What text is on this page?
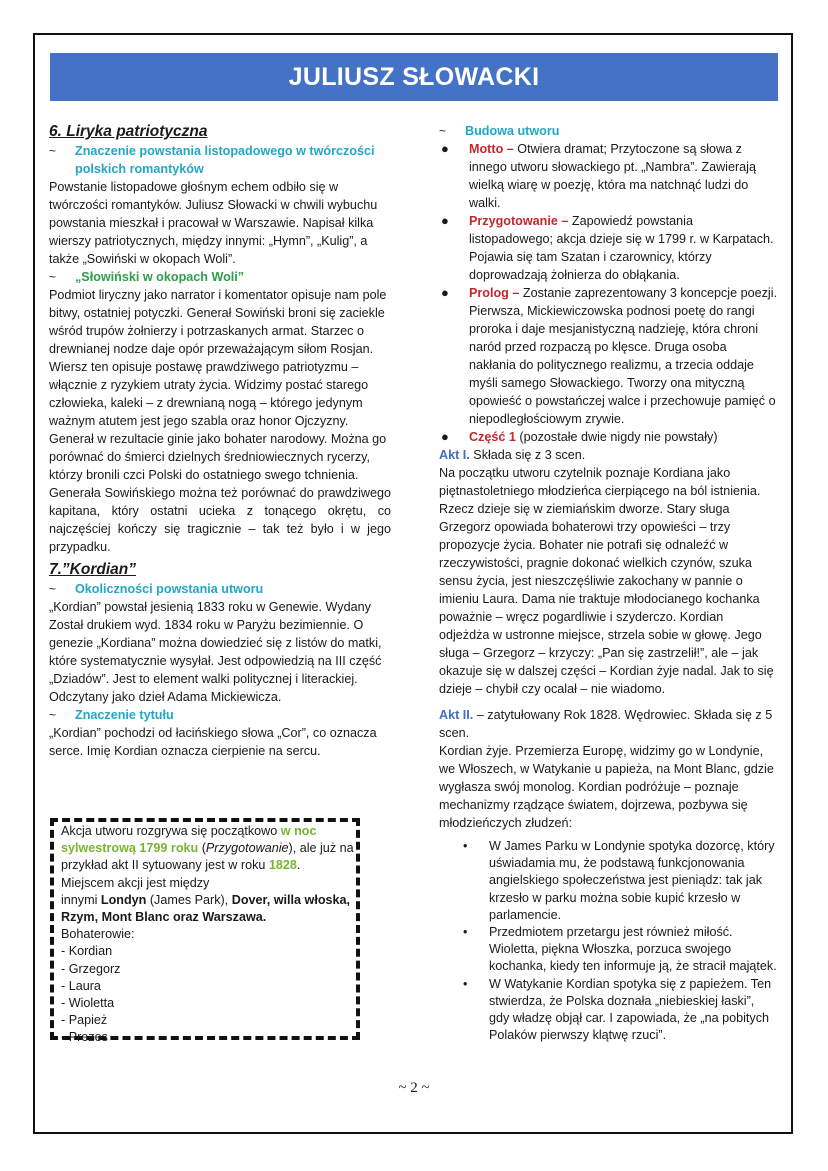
JULIUSZ SŁOWACKI

6. Liryka patriotyczna

~	Znaczenie powstania listopadowego w twórczości polskich romantyków

Powstanie listopadowe głośnym echem odbiło się w twórczości romantyków. Juliusz Słowacki w chwili wybuchu powstania mieszkał i pracował w Warszawie. Napisał kilka wierszy patriotycznych, między innymi: „Hymn”, „Kulig”, a także „Sowiński w okopach Woli”.

~	„Słowiński w okopach Woli”

Podmiot liryczny jako narrator i komentator opisuje nam pole bitwy, ostatniej potyczki. Generał Sowiński broni się zaciekle wśród trupów żołnierzy i potrzaskanych armat. Starzec o drewnianej nodze daje opór przeważającym siłom Rosjan.

Wiersz ten opisuje postawę prawdziwego patriotyzmu – włącznie z ryzykiem utraty życia. Widzimy postać starego człowieka, kaleki – z drewnianą nogą – którego jedynym ważnym atutem jest jego szabla oraz honor Ojczyzny. Generał w rezultacie ginie jako bohater narodowy. Można go porównać do śmierci dzielnych średniowiecznych rycerzy, którzy bronili czci Polski do ostatniego swego tchnienia.

Generała Sowińskiego można też porównać do prawdziwego kapitana, który ostatni ucieka z tonącego okrętu, co najczęściej kończy się tragicznie – tak też było i w jego przypadku.

7.”Kordian”

~	Okoliczności powstania utworu

„Kordian” powstał jesienią 1833 roku w Genewie. Wydany Został drukiem wyd. 1834 roku w Paryżu bezimiennie. O genezie „Kordiana” można dowiedzieć się z listów do matki, które systematycznie wysyłał. Jest odpowiedzią na III część „Dziadów”. Jest to element walki politycznej i literackiej. Odczytany jako dzieł Adama Mickiewicza.

~	Znaczenie tytułu

„Kordian” pochodzi od łacińskiego słowa „Cor”, co oznacza serce. Imię Kordian oznacza cierpienie na sercu.

Akcja utworu rozgrywa się początkowo w noc sylwestrową 1799 roku (Przygotowanie), ale już na przykład akt II sytuowany jest w roku 1828.
Miejscem akcji jest między
innymi Londyn (James Park), Dover, willa włoska, Rzym, Mont Blanc oraz Warszawa.
Bohaterowie:
- Kordian
- Grzegorz
- Laura
- Wioletta
- Papież
- Prezes
~	Budowa utworu
●	Motto – Otwiera dramat; Przytoczone są słowa z innego utworu słowackiego pt. „Nambra”. Zawierają wielką wiarę w poezję, która ma natchnąć ludzi do walki.
●	Przygotowanie – Zapowiedź powstania listopadowego; akcja dzieje się w 1799 r. w Karpatach. Pojawia się tam Szatan i czarownicy, którzy doprowadzają żołnierza do obłąkania.
●	Prolog – Zostanie zaprezentowany 3 koncepcje poezji. Pierwsza, Mickiewiczowska podnosi poetę do rangi proroka i daje mesjanistyczną nadzieję, która chroni naród przed rozpaczą po klęsce. Druga osoba nakłania do politycznego realizmu, a trzecia oddaje myśli samego Słowackiego. Tworzy ona mityczną opowieść o powstańczej walce i przechowuje pamięć o niepodległościowym zrywie.
●	Część 1 (pozostałe dwie nigdy nie powstały)

Akt I. Składa się z 3 scen.

Na początku utworu czytelnik poznaje Kordiana jako piętnastoletniego młodzieńca cierpiącego na ból istnienia. Rzecz dzieje się w ziemiańskim dworze. Stary sługa Grzegorz opowiada bohaterowi trzy opowieści – trzy propozycje życia. Bohater nie potrafi się odnaleźć w rzeczywistości, pragnie dokonać wielkich czynów, szuka sensu życia, jest nieszczęśliwie zakochany w pannie o imieniu Laura. Dama nie traktuje młodocianego kochanka poważnie – wręcz pogardliwie i szyderczo. Kordian odjeżdża w ustronne miejsce, strzela sobie w głowę. Jego sługa – Grzegorz – krzyczy: „Pan się zastrzelił!”, ale – jak okazuje się w dalszej części – Kordian żyje nadal. Jak to się dzieje – chybił czy ocalał – nie wiadomo.

Akt II. – zatytułowany Rok 1828. Wędrowiec. Składa się z 5 scen.

Kordian żyje. Przemierza Europę, widzimy go w Londynie, we Włoszech, w Watykanie u papieża, na Mont Blanc, gdzie wygłasza swój monolog. Kordian podróżuje – poznaje mechanizmy rządzące światem, dojrzewa, pozbywa się młodzieńczych złudzeń:

•	W James Parku w Londynie spotyka dozorcę, który uświadamia mu, że podstawą funkcjonowania angielskiego społeczeństwa jest pieniądz: tak jak krzesło w parku można sobie kupić krzesło w parlamencie.
•	Przedmiotem przetargu jest również miłość. Wioletta, piękna Włoszka, porzuca swojego kochanka, kiedy ten informuje ją, że stracił majątek.
•	W Watykanie Kordian spotyka się z papieżem. Ten stwierdza, że Polska doznała „niebieskiej łaski”, gdy władzę objął car. I zapowiada, że „na pobitych Polaków pierwszy klątwę rzuci”.
~ 2 ~
